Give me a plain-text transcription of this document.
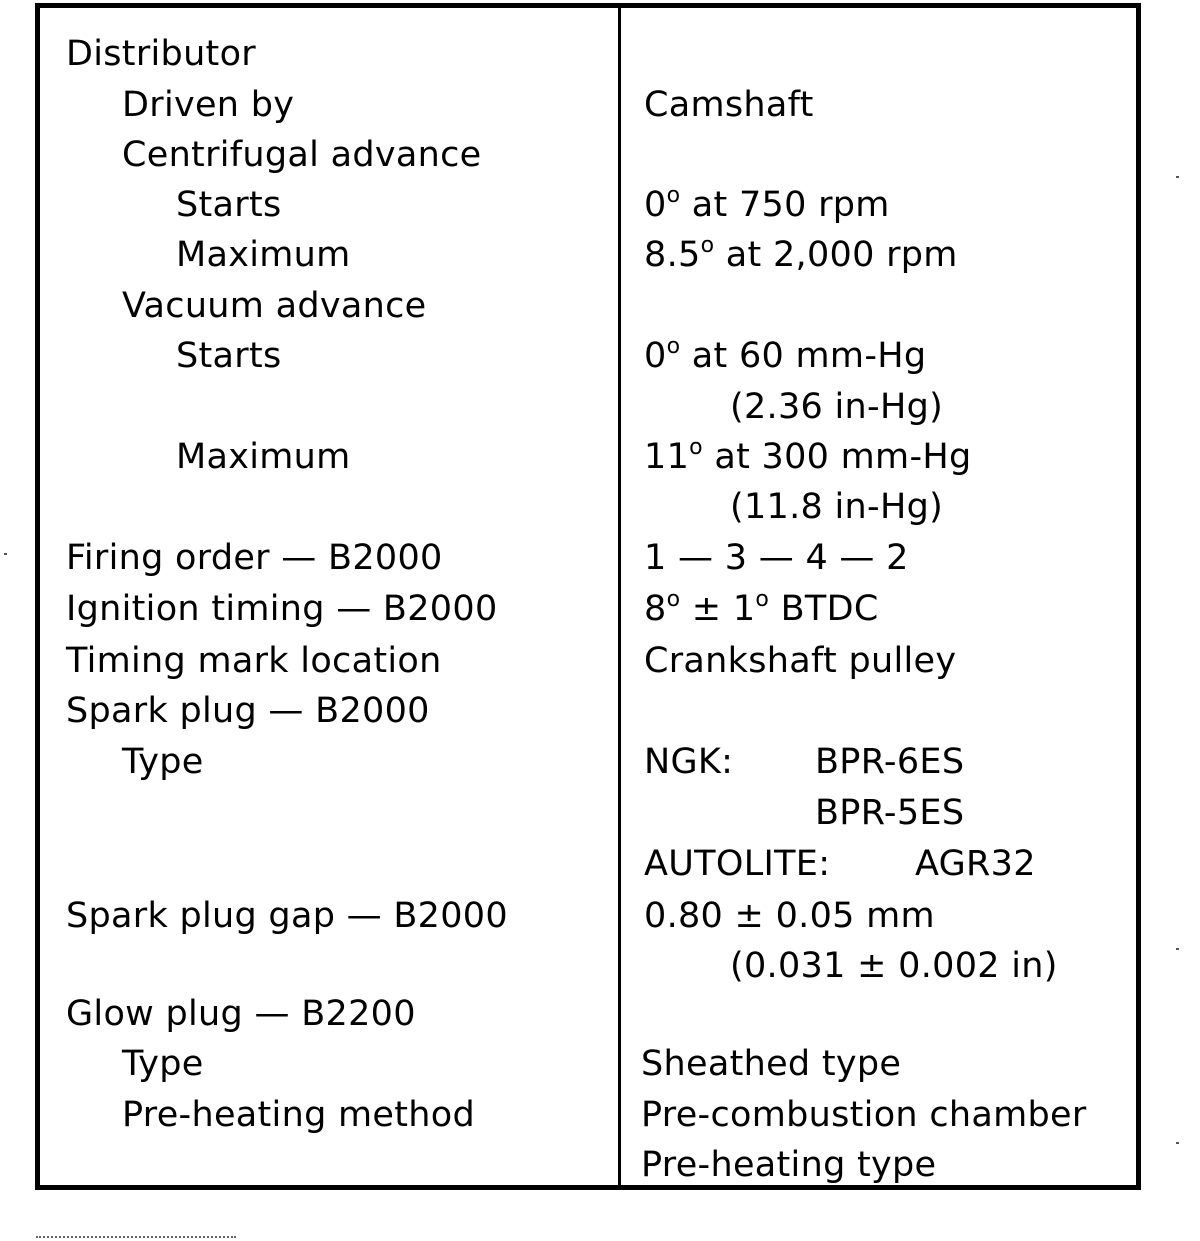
Distributor
Driven by
Centrifugal advance
Starts
Maximum
Vacuum advance
Starts
Maximum
Firing order — B2000
Ignition timing — B2000
Timing mark location
Spark plug — B2000
Type
Spark plug gap — B2000
Glow plug — B2200
Type
Pre-heating method
Camshaft
0$^o$ at 750 rpm
8.5$^o$ at 2,000 rpm
0$^o$ at 60 mm-Hg
(2.36 in-Hg)
11$^o$ at 300 mm-Hg
(11.8 in-Hg)
1 — 3 — 4 — 2
$8^o \pm 1^o$ BTDC
Crankshaft pulley
NGK: BPR-6ES
BPR-5ES
AUTOLITE: AGR32
0.80 ± 0.05 mm
(0.031 ± 0.002 in)
Sheathed type
Pre-combustion chamber
Pre-heating type
